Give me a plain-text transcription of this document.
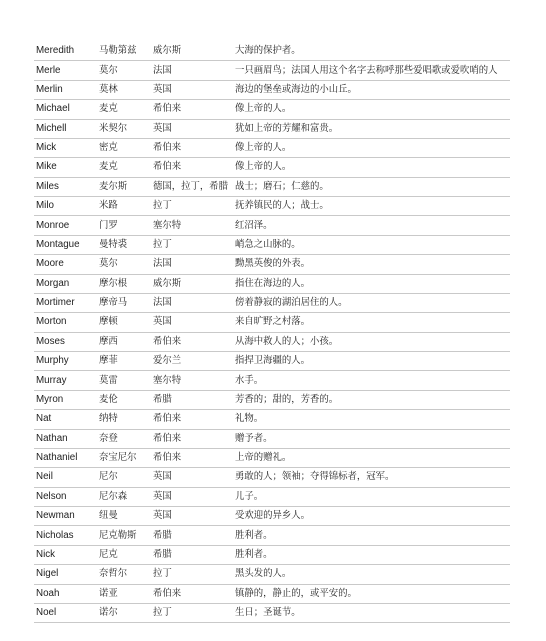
Meredith	马勒第兹	威尔斯	大海的保护者。
Merle	莫尔	法国	一只画眉鸟；法国人用这个名字去称呼那些爱唱歌或爱吹哨的人
Merlin	莫林	英国	海边的堡垒或海边的小山丘。
Michael	麦克	希伯来	像上帝的人。
Michell	米契尔	英国	犹如上帝的芳耀和富贵。
Mick	密克	希伯来	像上帝的人。
Mike	麦克	希伯来	像上帝的人。
Miles	麦尔斯	德国，拉丁，希腊	战士；磨石；仁慈的。
Milo	米路	拉丁	抚养镇民的人；战士。
Monroe	门罗	塞尔特	红沼泽。
Montague	曼特裘	拉丁	峭急之山脉的。
Moore	莫尔	法国	黝黑英俊的外表。
Morgan	摩尔根	威尔斯	指住在海边的人。
Mortimer	摩帝马	法国	傍着静寂的湖泊居住的人。
Morton	摩顿	英国	来自旷野之村落。
Moses	摩西	希伯来	从海中救人的人；小孩。
Murphy	摩菲	爱尔兰	指捍卫海疆的人。
Murray	莫雷	塞尔特	水手。
Myron	麦伦	希腊	芳香的；甜的，芳香的。
Nat	纳特	希伯来	礼物。
Nathan	奈登	希伯来	赠予者。
Nathaniel	奈宝尼尔	希伯来	上帝的赠礼。
Neil	尼尔	英国	勇敢的人；领袖；夺得锦标者，冠军。
Nelson	尼尔森	英国	儿子。
Newman	纽曼	英国	受欢迎的异乡人。
Nicholas	尼克勒斯	希腊	胜利者。
Nick	尼克	希腊	胜利者。
Nigel	奈哲尔	拉丁	黑头发的人。
Noah	诺亚	希伯来	镇静的，静止的，或平安的。
Noel	诺尔	拉丁	生日；圣诞节。
